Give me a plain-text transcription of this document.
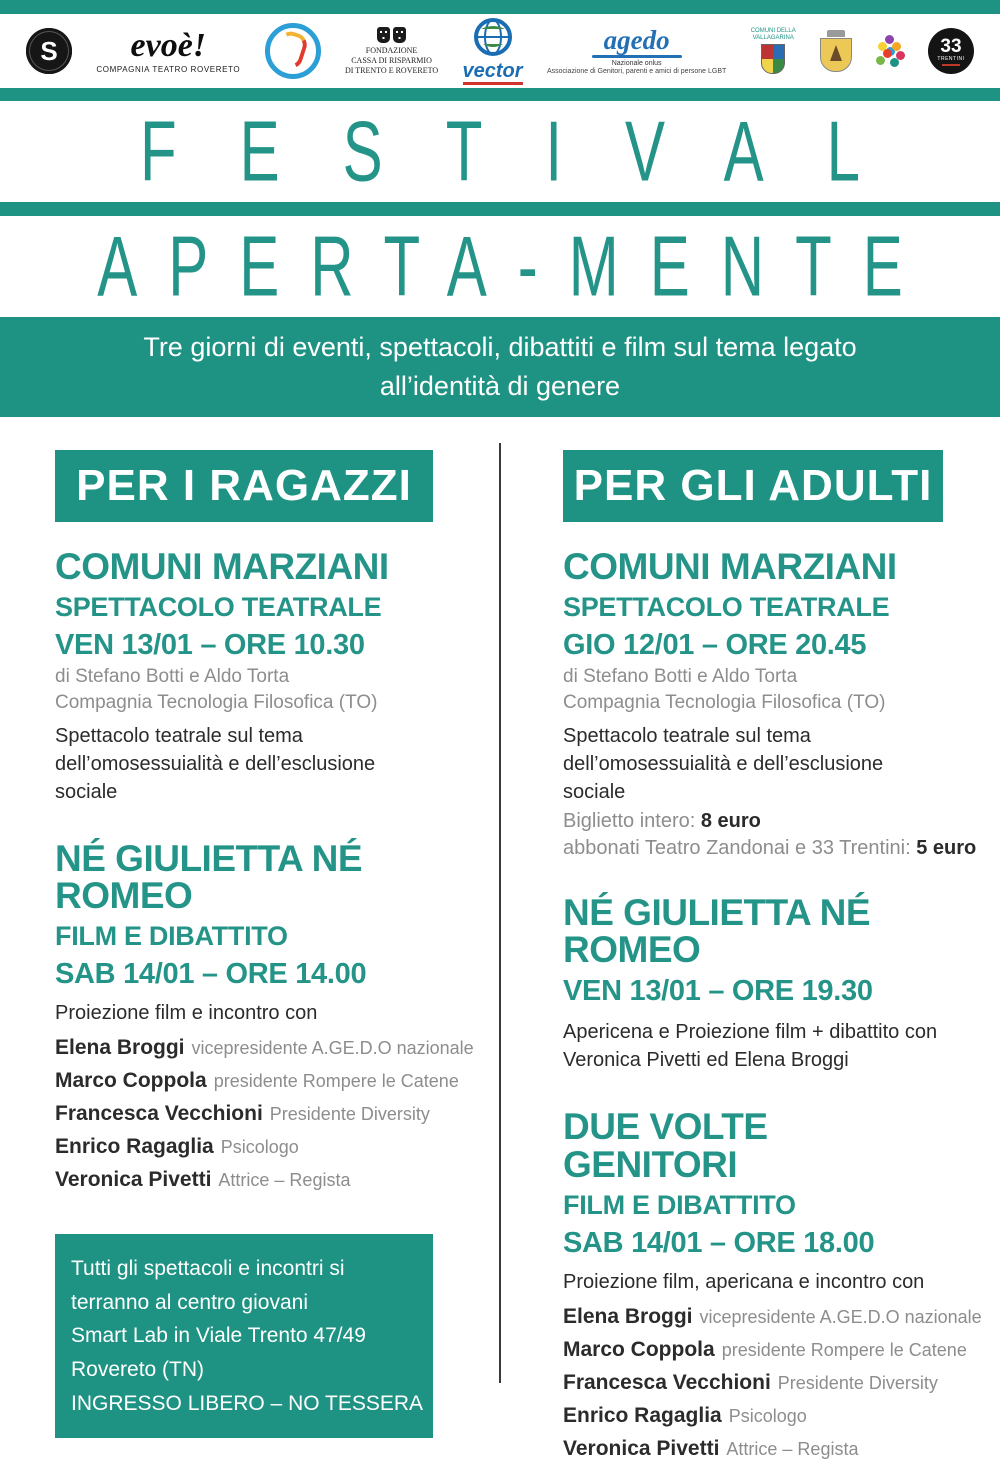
S evoè!
COMPAGNIA TEATRO ROVERETO
FONDAZIONE
CASSA DI RISPARMIO
DI TRENTO E ROVERETO vector
agedo
Nazionale onlus
Associazione di Genitori, parenti e amici di persone LGBT
COMUNI DELLA
VALLAGARINA	33
TRENTINI
FESTIVAL
APERTA-MENTE
Tre giorni di eventi, spettacoli, dibattiti e film sul tema legato
all’identità di genere
PER I RAGAZZI
COMUNI MARZIANI
SPETTACOLO TEATRALE
VEN 13/01 – ORE 10.30
di Stefano Botti e Aldo Torta
Compagnia Tecnologia Filosofica (TO)
Spettacolo teatrale sul tema dell’omosessuialità e dell’esclusione sociale
NÉ GIULIETTA NÉ ROMEO
FILM E DIBATTITO
SAB 14/01 – ORE 14.00
Proiezione film e incontro con
Elena Broggi vicepresidente A.GE.D.O nazionale
Marco Coppola presidente Rompere le Catene
Francesca Vecchioni Presidente Diversity
Enrico Ragaglia Psicologo
Veronica Pivetti Attrice – Regista
Tutti gli spettacoli e incontri si
terranno al centro giovani
Smart Lab in Viale Trento 47/49
Rovereto (TN)
INGRESSO LIBERO – NO TESSERA
PER GLI ADULTI
COMUNI MARZIANI
SPETTACOLO TEATRALE
GIO 12/01 – ORE 20.45
di Stefano Botti e Aldo Torta
Compagnia Tecnologia Filosofica (TO)
Spettacolo teatrale sul tema dell’omosessuialità e dell’esclusione sociale
Biglietto intero: 8 euro
abbonati Teatro Zandonai e 33 Trentini: 5 euro
NÉ GIULIETTA NÉ ROMEO
VEN 13/01 – ORE 19.30
Apericena e Proiezione film + dibattito con
Veronica Pivetti ed Elena Broggi
DUE VOLTE GENITORI
FILM E DIBATTITO
SAB 14/01 – ORE 18.00
Proiezione film, apericana e incontro con
Elena Broggi vicepresidente A.GE.D.O nazionale
Marco Coppola presidente Rompere le Catene
Francesca Vecchioni Presidente Diversity
Enrico Ragaglia Psicologo
Veronica Pivetti Attrice – Regista
